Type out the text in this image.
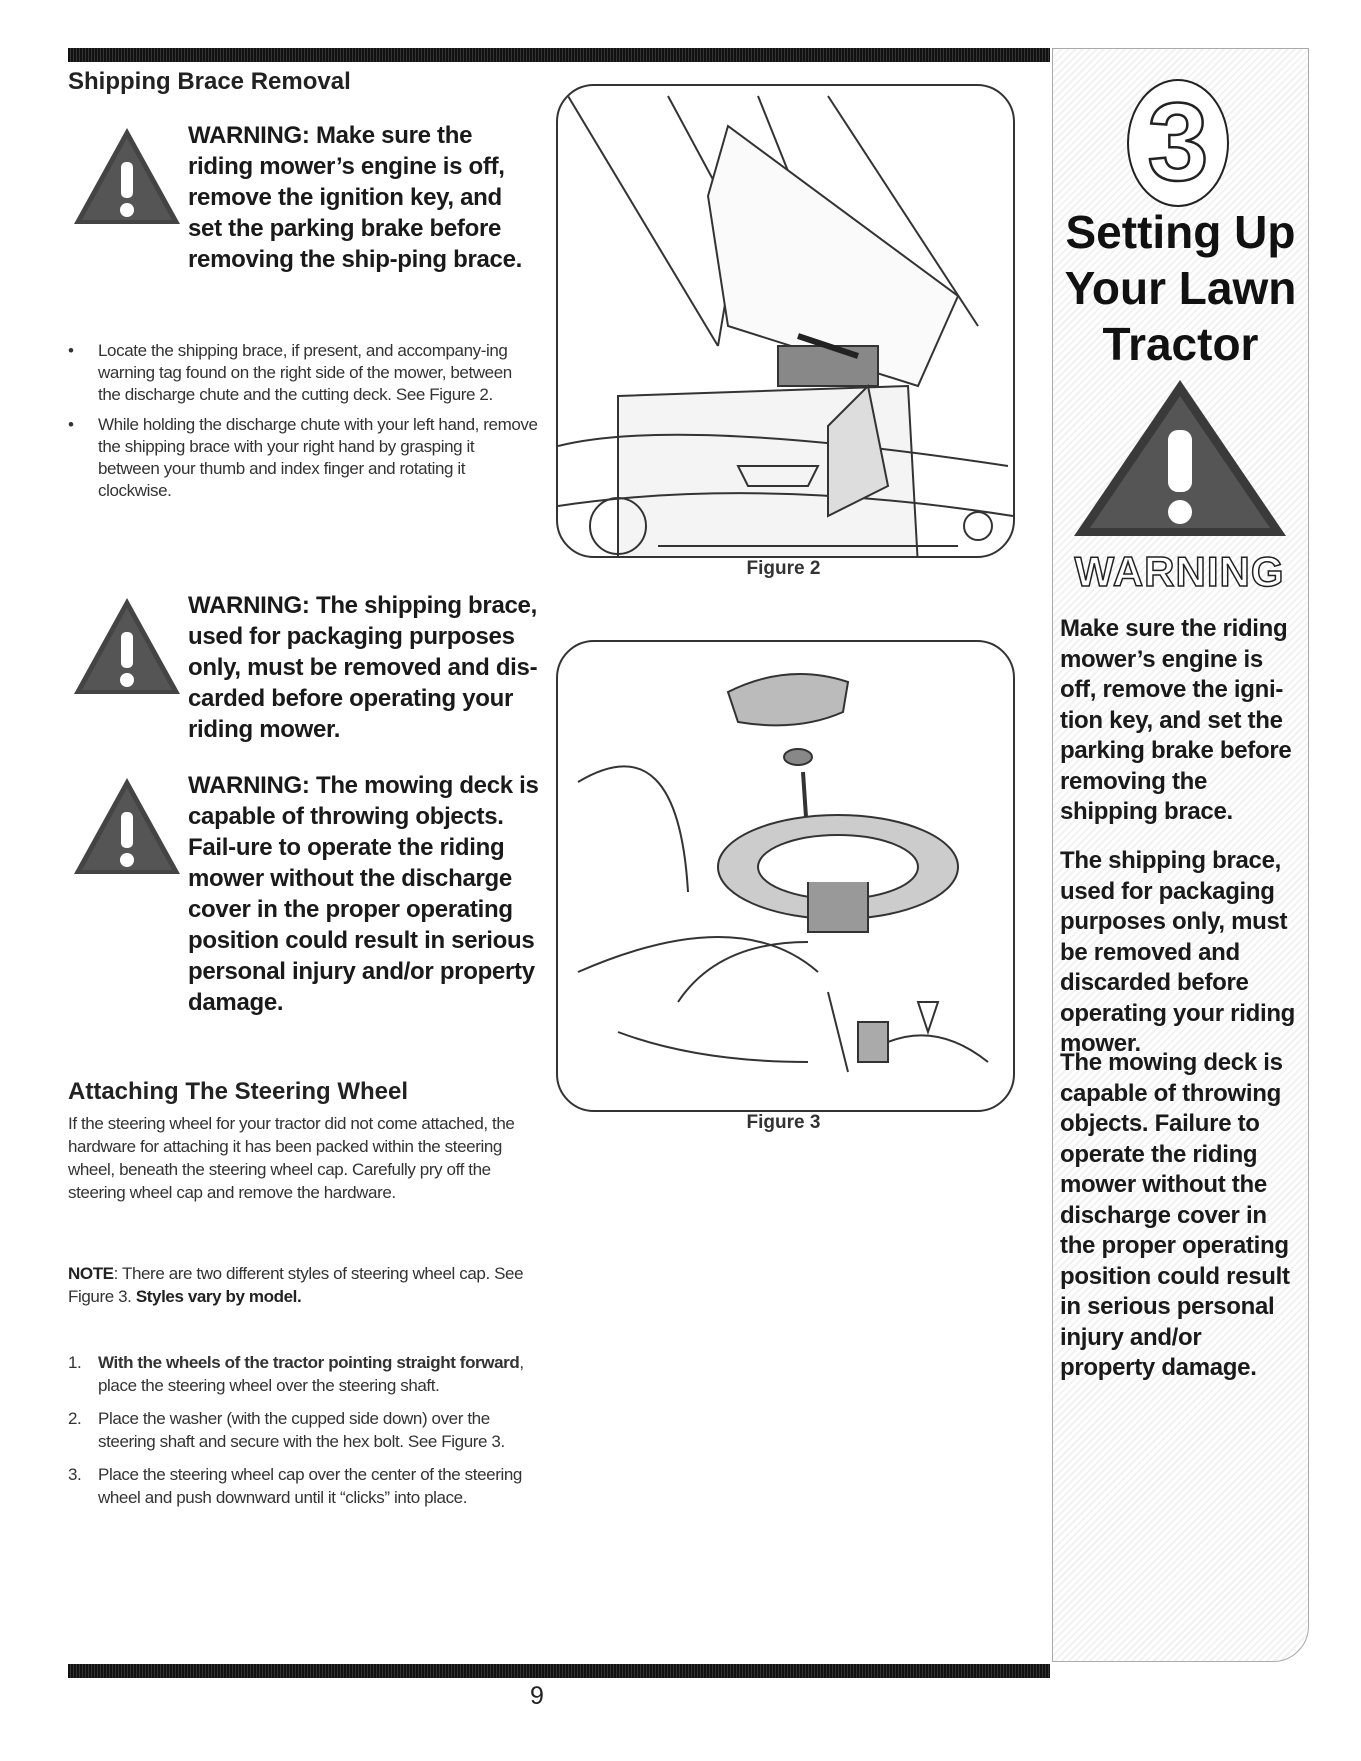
Shipping Brace Removal
WARNING: Make sure the riding mower’s engine is off, remove the ignition key, and set the parking brake before removing the ship-ping brace.
• Locate the shipping brace, if present, and accompany-ing warning tag found on the right side of the mower, between the discharge chute and the cutting deck. See Figure 2.
• While holding the discharge chute with your left hand, remove the shipping brace with your right hand by grasping it between your thumb and index finger and rotating it clockwise.
WARNING: The shipping brace, used for packaging purposes only, must be removed and dis-carded before operating your riding mower.
WARNING: The mowing deck is capable of throwing objects. Fail-ure to operate the riding mower without the discharge cover in the proper operating position could result in serious personal injury and/or property damage.
Attaching The Steering Wheel

If the steering wheel for your tractor did not come attached, the hardware for attaching it has been packed within the steering wheel, beneath the steering wheel cap. Carefully pry off the steering wheel cap and remove the hardware.

NOTE: There are two different styles of steering wheel cap. See Figure 3. Styles vary by model.

1. With the wheels of the tractor pointing straight forward, place the steering wheel over the steering shaft.
2. Place the washer (with the cupped side down) over the steering shaft and secure with the hex bolt. See Figure 3.
3. Place the steering wheel cap over the center of the steering wheel and push downward until it “clicks” into place.
Figure 2
Figure 3
3
Setting Up
Your Lawn
Tractor
WARNING

Make sure the riding mower’s engine is off, remove the igni-tion key, and set the parking brake before removing the shipping brace.

The shipping brace, used for packaging purposes only, must be removed and discarded before operating your riding mower.

The mowing deck is capable of throwing objects. Failure to operate the riding mower without the discharge cover in the proper operating position could result in serious personal injury and/or property damage.

9
